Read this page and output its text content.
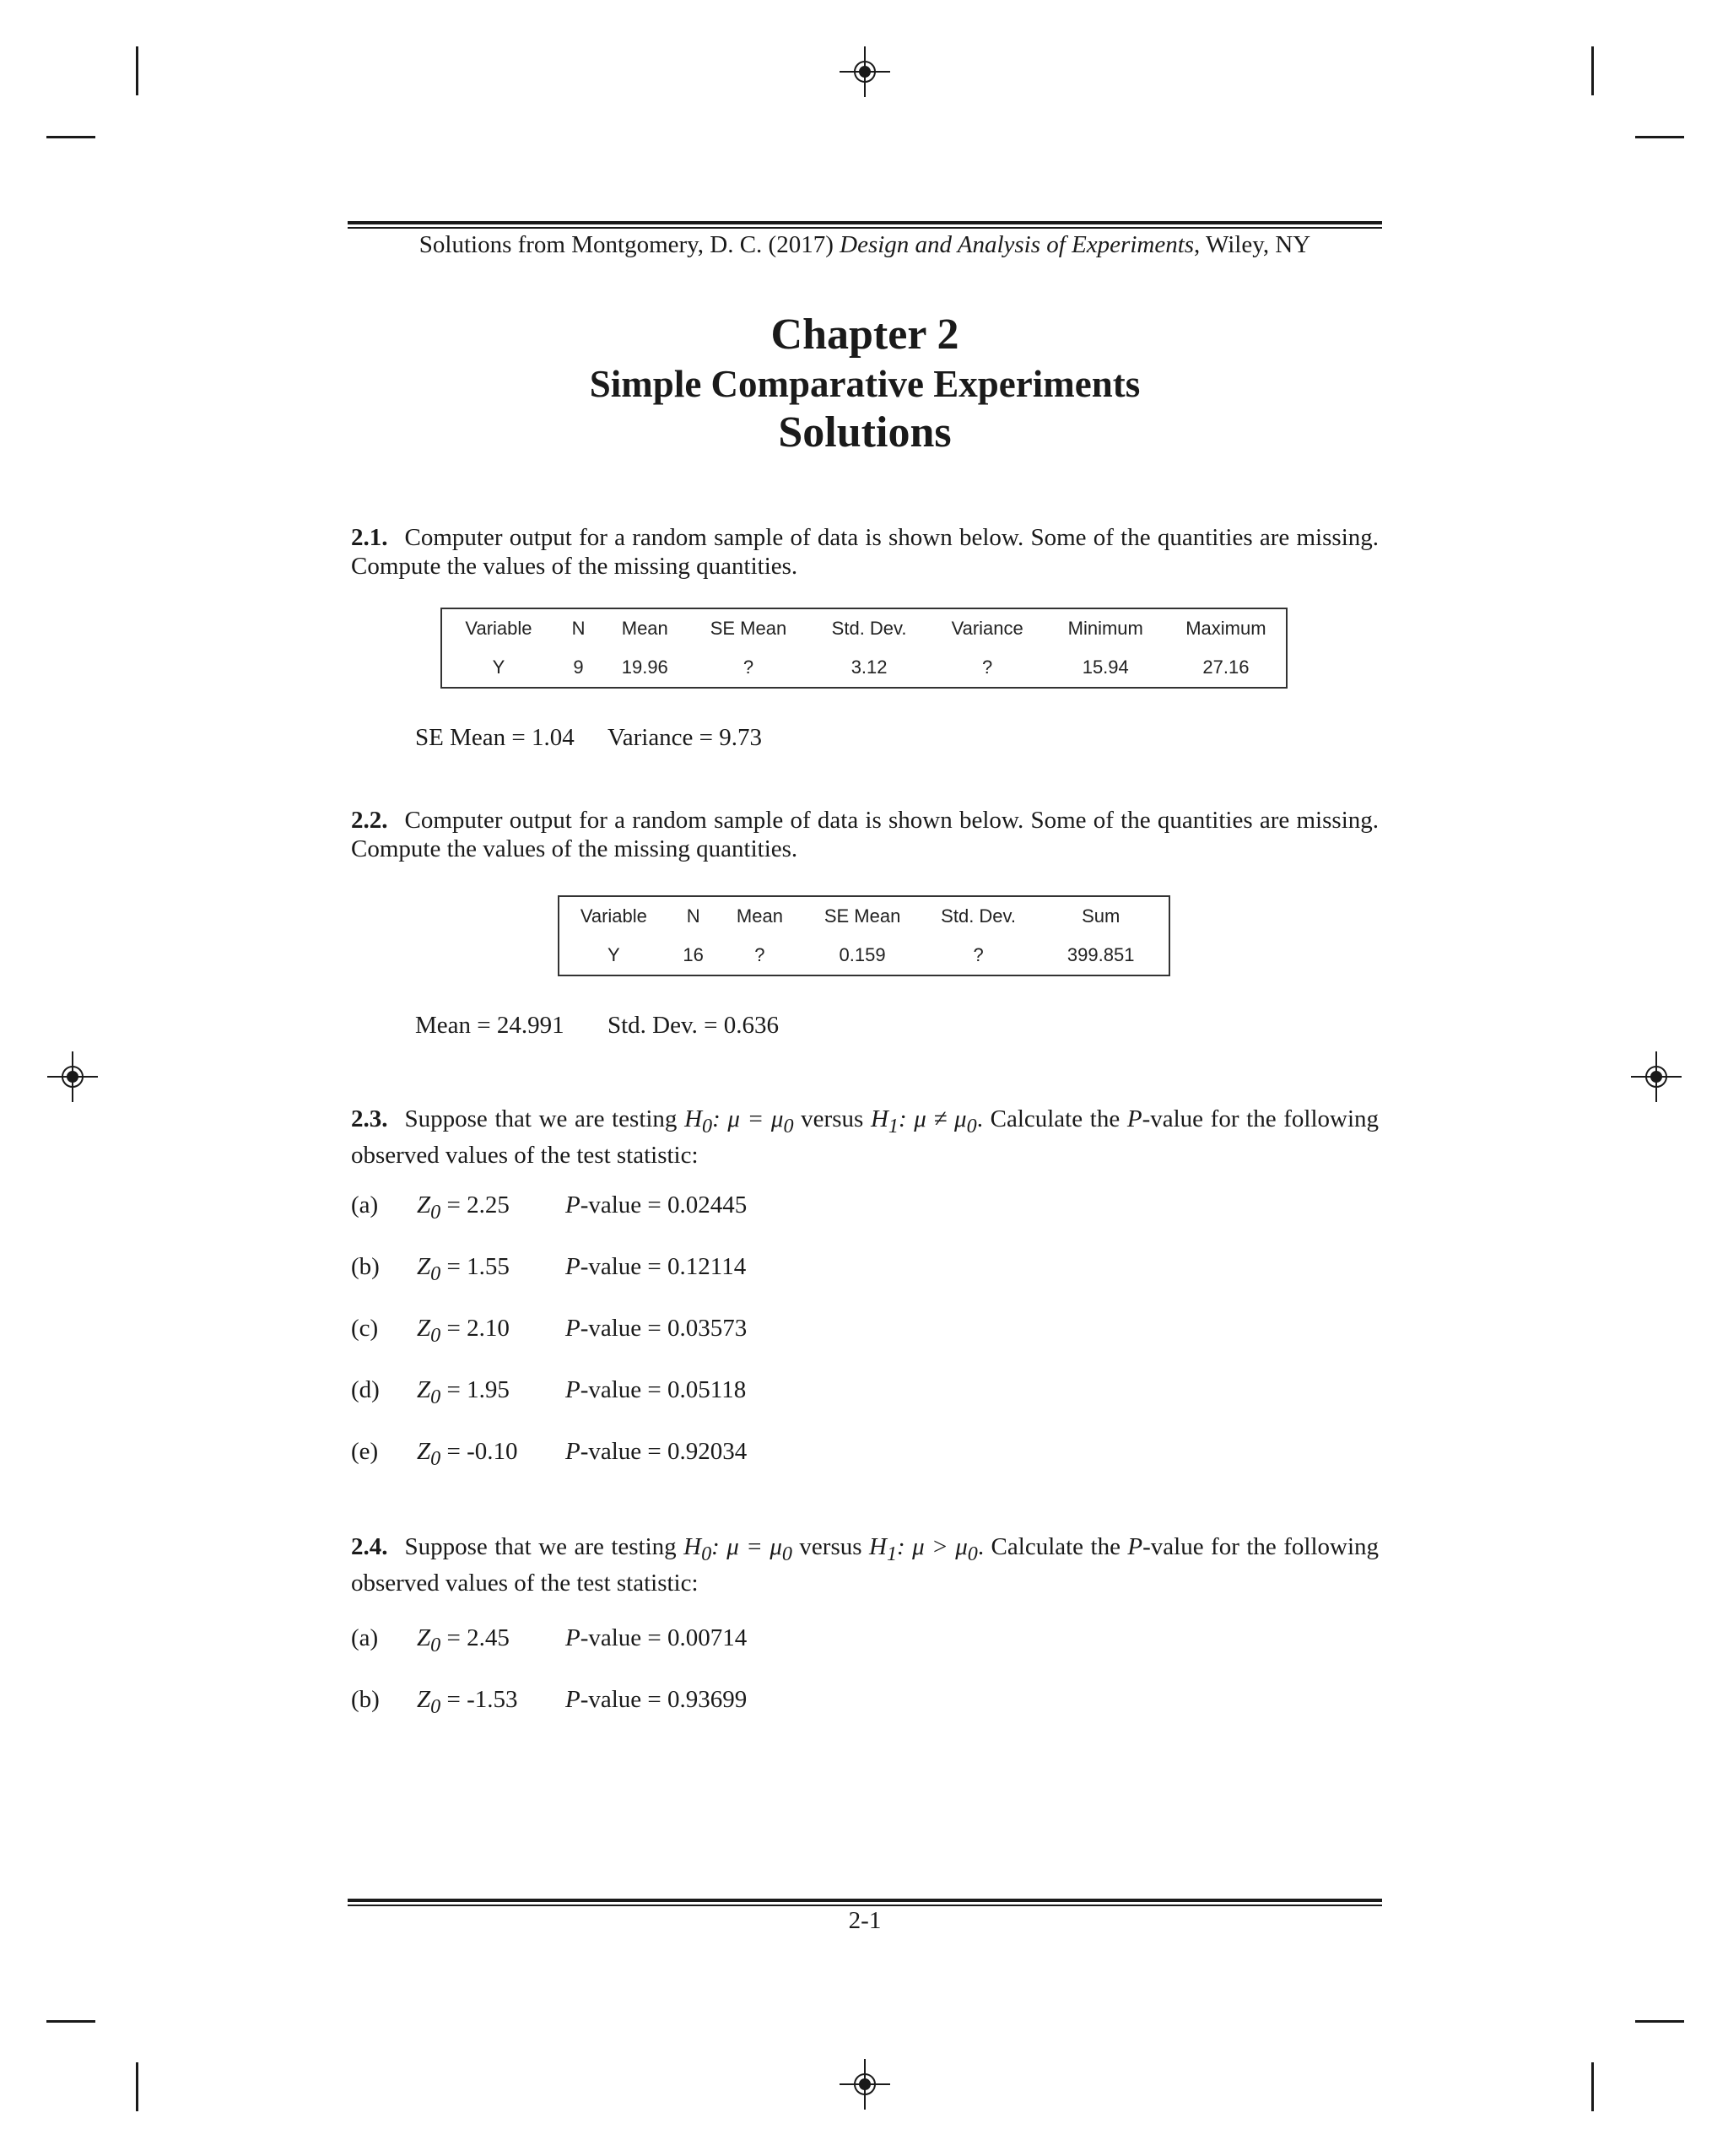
Solutions from Montgomery, D. C. (2017) Design and Analysis of Experiments, Wiley, NY
Chapter 2
Simple Comparative Experiments
Solutions
2.1. Computer output for a random sample of data is shown below. Some of the quantities are missing. Compute the values of the missing quantities.
Variable	N	Mean	SE Mean	Std. Dev.	Variance	Minimum	Maximum
Y	9	19.96	?	3.12	?	15.94	27.16
SE Mean = 1.04 Variance = 9.73
2.2. Computer output for a random sample of data is shown below. Some of the quantities are missing. Compute the values of the missing quantities.
Variable	N	Mean	SE Mean	Std. Dev.	Sum
Y	16	?	0.159	?	399.851
Mean = 24.991 Std. Dev. = 0.636
2.3. Suppose that we are testing $H_0$: $\mu = \mu_0$ versus $H_1$: $\mu \ne \mu_0$. Calculate the P-value for the following observed values of the test statistic:
(a) $Z_0 = 2.25$ P-value = 0.02445
(b) $Z_0 = 1.55$ P-value = 0.12114
(c) $Z_0 = 2.10$ P-value = 0.03573
(d) $Z_0 = 1.95$ P-value = 0.05118
(e) $Z_0 = -0.10$ P-value = 0.92034
2.4. Suppose that we are testing $H_0$: $\mu = \mu_0$ versus $H_1$: $\mu > \mu_0$. Calculate the P-value for the following observed values of the test statistic:
(a) $Z_0 = 2.45$ P-value = 0.00714
(b) $Z_0 = -1.53$ P-value = 0.93699
2-1
